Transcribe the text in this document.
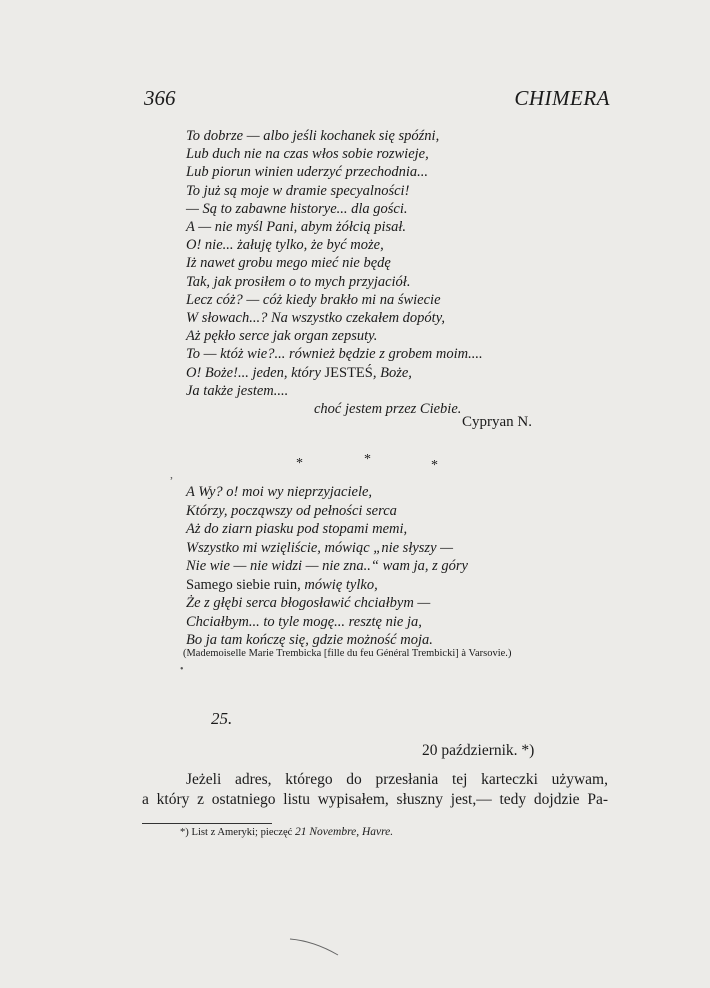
366	CHIMERA
To dobrze — albo jeśli kochanek się spóźni,
Lub duch nie na czas włos sobie rozwieje,
Lub piorun winien uderzyć przechodnia...
To już są moje w dramie specyalności!
— Są to zabawne historye... dla gości.
A — nie myśl Pani, abym żółcią pisał.
O! nie... żałuję tylko, że być może,
Iż nawet grobu mego mieć nie będę
Tak, jak prosiłem o to mych przyjaciół.
Lecz cóż? — cóż kiedy brakło mi na świecie
W słowach...? Na wszystko czekałem dopóty,
Aż pękło serce jak organ zepsuty.
To — któż wie?... również będzie z grobem moim....
O! Boże!... jeden, który JESTEŚ, Boże,
Ja także jestem....
choć jestem przez Ciebie.
Cypryan N.
*	*	*
,
A Wy? o! moi wy nieprzyjaciele,
Którzy, począwszy od pełności serca
Aż do ziarn piasku pod stopami memi,
Wszystko mi wzięliście, mówiąc „nie słyszy —
Nie wie — nie widzi — nie zna..“ wam ja, z góry
Samego siebie ruin, mówię tylko,
Że z głębi serca błogosławić chciałbym —
Chciałbym... to tyle mogę... resztę nie ja,
Bo ja tam kończę się, gdzie możność moja.
(Mademoiselle Marie Trembicka [fille du feu Général Trembicki] à Varsovie.)
•
25.
20 październik. *)
Jeżeli adres, którego do przesłania tej karteczki używam,
a który z ostatniego listu wypisałem, słuszny jest,— tedy dojdzie Pa-
*) List z Ameryki; pieczęć 21 Novembre, Havre.
